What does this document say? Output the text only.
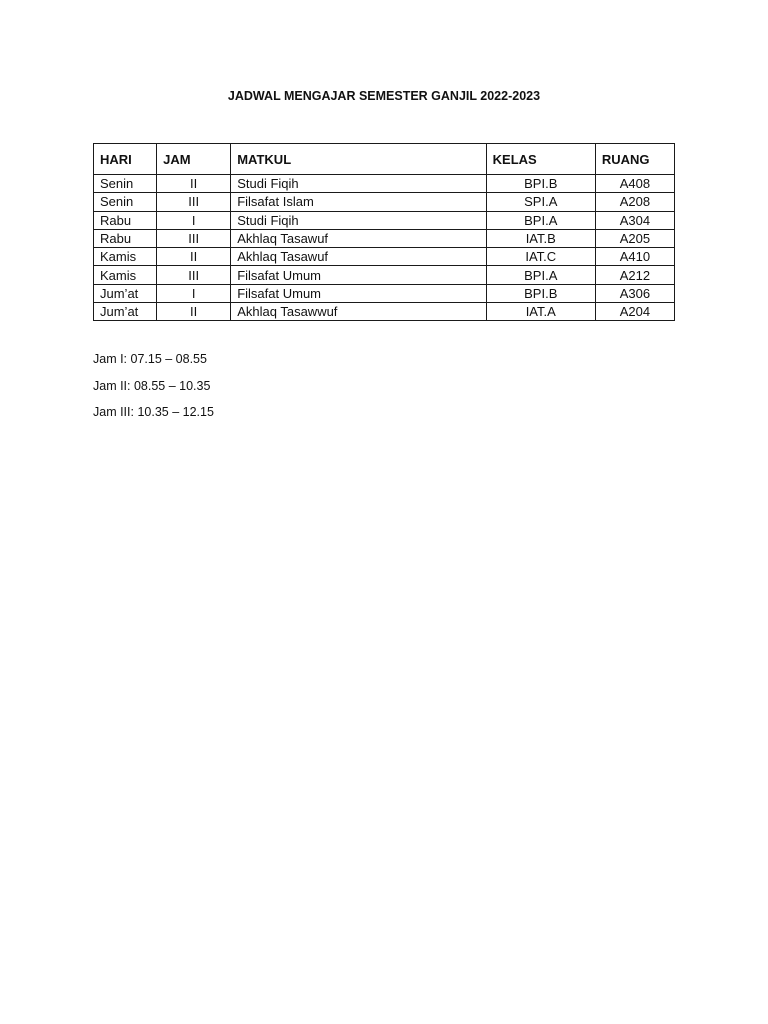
JADWAL MENGAJAR SEMESTER GANJIL 2022-2023
HARI	JAM	MATKUL	KELAS	RUANG
Senin	II	Studi Fiqih	BPI.B	A408
Senin	III	Filsafat Islam	SPI.A	A208
Rabu	I	Studi Fiqih	BPI.A	A304
Rabu	III	Akhlaq Tasawuf	IAT.B	A205
Kamis	II	Akhlaq Tasawuf	IAT.C	A410
Kamis	III	Filsafat Umum	BPI.A	A212
Jum’at	I	Filsafat Umum	BPI.B	A306
Jum’at	II	Akhlaq Tasawwuf	IAT.A	A204
Jam I: 07.15 – 08.55
Jam II: 08.55 – 10.35
Jam III: 10.35 – 12.15
